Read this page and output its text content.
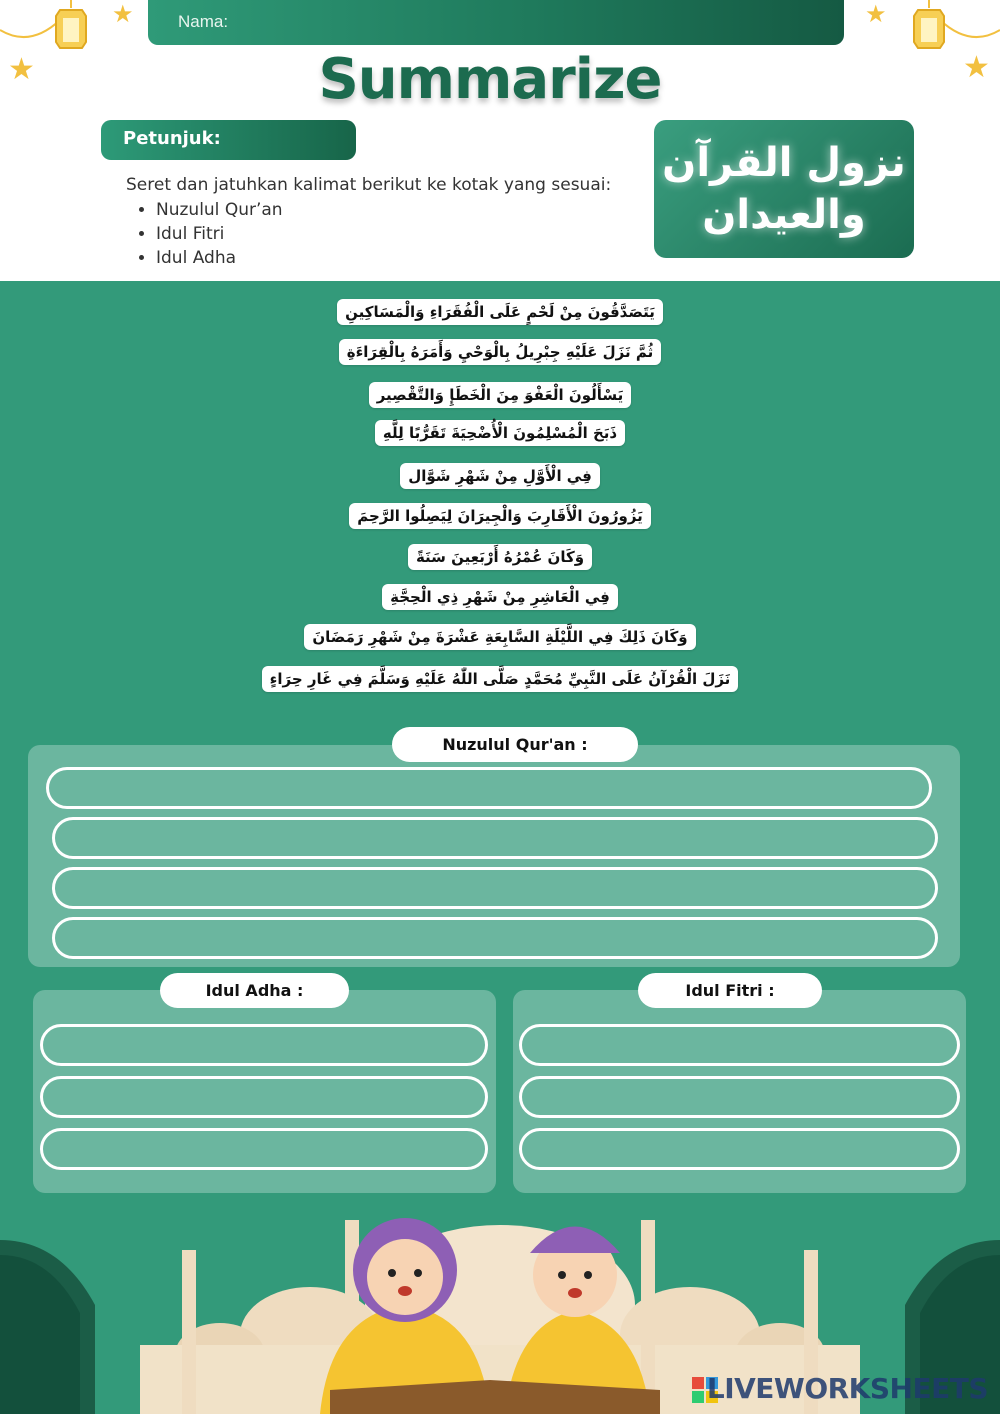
★
★
★
★
Nama:
Summarize
Petunjuk:
Seret dan jatuhkan kalimat berikut ke kotak yang sesuai:
• Nuzulul Qur’an
• Idul Fitri
• Idul Adha
نزول القرآن
والعيدان
يَتَصَدَّقُونَ مِنْ لَحْمٍ عَلَى الْفُقَرَاءِ وَالْمَسَاكِينِ
ثُمَّ نَزَلَ عَلَيْهِ جِبْرِيلُ بِالْوَحْيِ وَأَمَرَهُ بِالْقِرَاءَةِ
يَسْأَلُونَ الْعَفْوَ مِنَ الْخَطَإِ وَالتَّقْصِير
ذَبَحَ الْمُسْلِمُونَ الْأُضْحِيَةَ تَقَرُّبًا لِلَّهِ
فِي الْأَوَّلِ مِنْ شَهْرِ شَوَّال
يَزُورُونَ الْأَقَارِبَ وَالْجِيرَانَ لِيَصِلُوا الرَّحِمَ
وَكَانَ عُمْرُهُ أَرْبَعِينَ سَنَةً
فِي الْعَاشِرِ مِنْ شَهْرِ ذِي الْحِجَّةِ
وَكَانَ ذَلِكَ فِي اللَّيْلَةِ السَّابِعَةِ عَشْرَةَ مِنْ شَهْرِ رَمَضَانَ
نَزَلَ الْقُرْآنُ عَلَى النَّبِيِّ مُحَمَّدٍ صَلَّى اللّٰهُ عَلَيْهِ وَسَلَّمَ فِي غَارِ حِرَاءٍ
Nuzulul Qur'an :
Idul Adha :	Idul Fitri :
LIVEWORKSHEETS
